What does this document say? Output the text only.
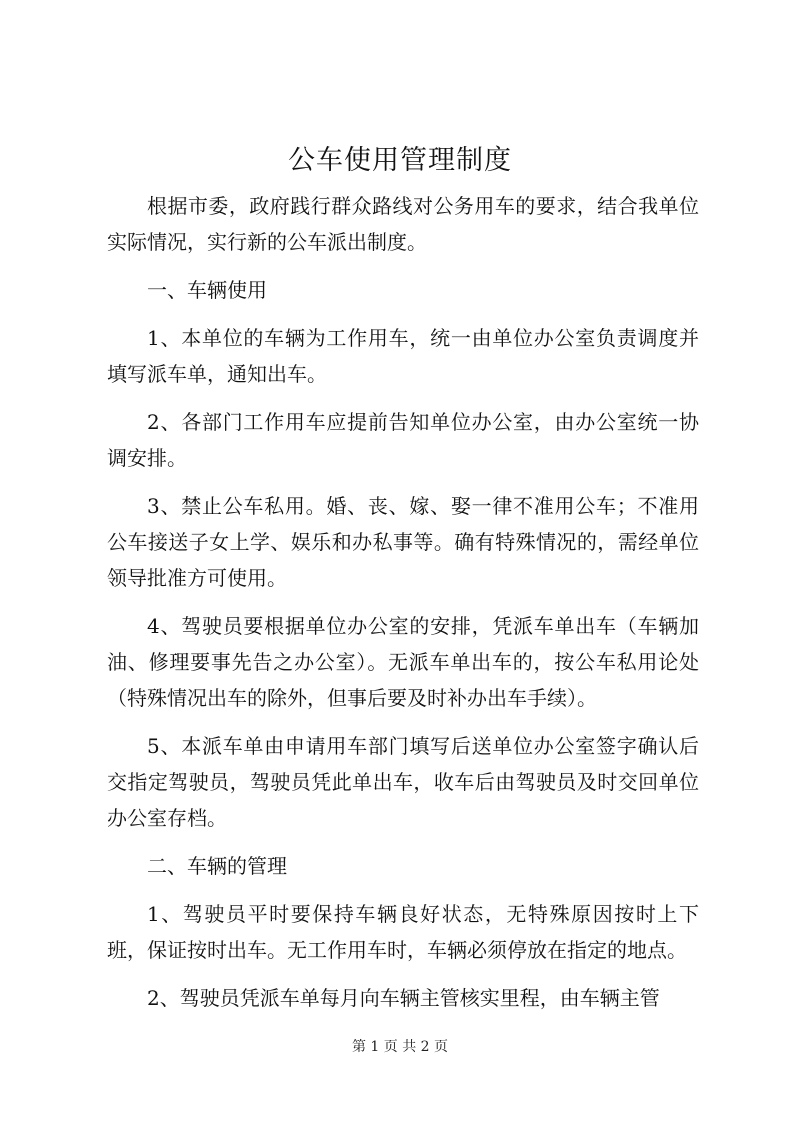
公车使用管理制度

根据市委，政府践行群众路线对公务用车的要求，结合我单位实际情况，实行新的公车派出制度。

一、车辆使用

1、本单位的车辆为工作用车，统一由单位办公室负责调度并填写派车单，通知出车。

2、各部门工作用车应提前告知单位办公室，由办公室统一协调安排。

3、禁止公车私用。婚、丧、嫁、娶一律不准用公车；不准用公车接送子女上学、娱乐和办私事等。确有特殊情况的，需经单位领导批准方可使用。

4、驾驶员要根据单位办公室的安排，凭派车单出车（车辆加油、修理要事先告之办公室）。无派车单出车的，按公车私用论处（特殊情况出车的除外，但事后要及时补办出车手续）。

5、本派车单由申请用车部门填写后送单位办公室签字确认后交指定驾驶员，驾驶员凭此单出车，收车后由驾驶员及时交回单位办公室存档。

二、车辆的管理

1、驾驶员平时要保持车辆良好状态，无特殊原因按时上下班，保证按时出车。无工作用车时，车辆必须停放在指定的地点。

2、驾驶员凭派车单每月向车辆主管核实里程，由车辆主管

第 1 页 共 2 页
